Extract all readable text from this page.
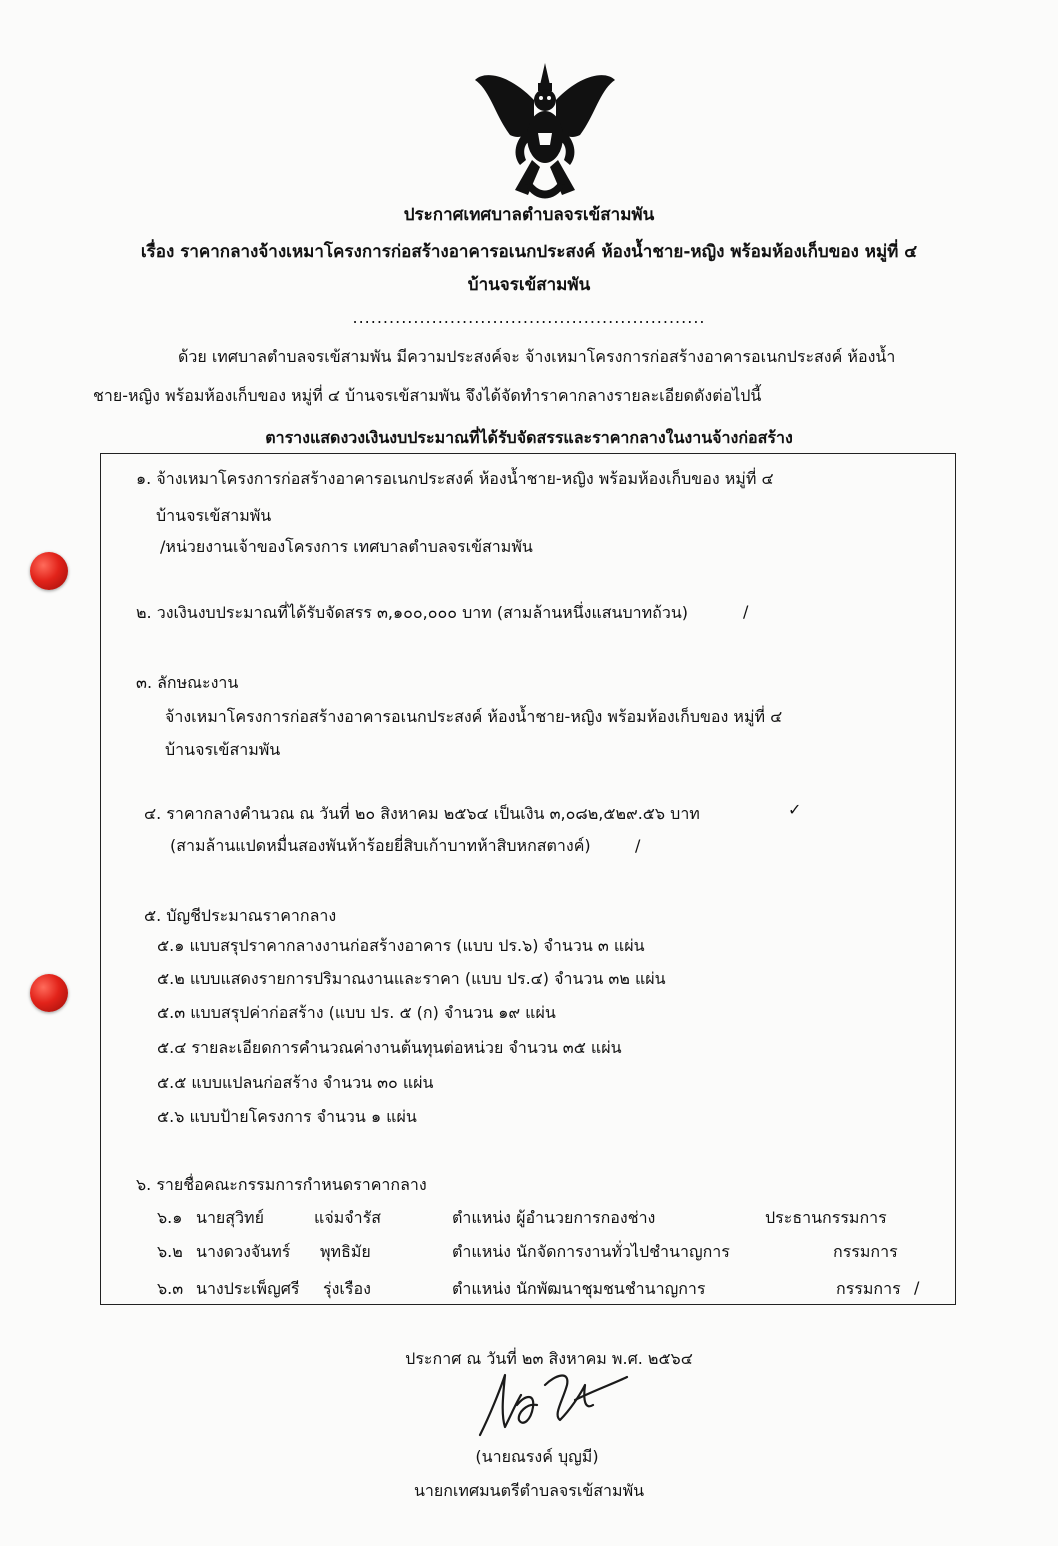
ประกาศเทศบาลตำบลจรเข้สามพัน
เรื่อง ราคากลางจ้างเหมาโครงการก่อสร้างอาคารอเนกประสงค์ ห้องน้ำชาย-หญิง พร้อมห้องเก็บของ หมู่ที่ ๔
บ้านจรเข้สามพัน
..........................................................
ด้วย เทศบาลตำบลจรเข้สามพัน มีความประสงค์จะ จ้างเหมาโครงการก่อสร้างอาคารอเนกประสงค์ ห้องน้ำ
ชาย-หญิง พร้อมห้องเก็บของ หมู่ที่ ๔ บ้านจรเข้สามพัน จึงได้จัดทำราคากลางรายละเอียดดังต่อไปนี้
ตารางแสดงวงเงินงบประมาณที่ได้รับจัดสรรและราคากลางในงานจ้างก่อสร้าง
๑. จ้างเหมาโครงการก่อสร้างอาคารอเนกประสงค์ ห้องน้ำชาย-หญิง พร้อมห้องเก็บของ หมู่ที่ ๔
บ้านจรเข้สามพัน
/หน่วยงานเจ้าของโครงการ เทศบาลตำบลจรเข้สามพัน
๒. วงเงินงบประมาณที่ได้รับจัดสรร ๓,๑๐๐,๐๐๐ บาท (สามล้านหนึ่งแสนบาทถ้วน)	/
๓. ลักษณะงาน
จ้างเหมาโครงการก่อสร้างอาคารอเนกประสงค์ ห้องน้ำชาย-หญิง พร้อมห้องเก็บของ หมู่ที่ ๔
บ้านจรเข้สามพัน
๔. ราคากลางคำนวณ ณ วันที่ ๒๐ สิงหาคม ๒๕๖๔ เป็นเงิน ๓,๐๘๒,๕๒๙.๕๖ บาท	✓
(สามล้านแปดหมื่นสองพันห้าร้อยยี่สิบเก้าบาทห้าสิบหกสตางค์)	/
๕. บัญชีประมาณราคากลาง
๕.๑ แบบสรุปราคากลางงานก่อสร้างอาคาร (แบบ ปร.๖) จำนวน ๓ แผ่น
๕.๒ แบบแสดงรายการปริมาณงานและราคา (แบบ ปร.๔) จำนวน ๓๒ แผ่น
๕.๓ แบบสรุปค่าก่อสร้าง (แบบ ปร. ๕ (ก) จำนวน ๑๙ แผ่น
๕.๔ รายละเอียดการคำนวณค่างานต้นทุนต่อหน่วย จำนวน ๓๕ แผ่น
๕.๕ แบบแปลนก่อสร้าง จำนวน ๓๐ แผ่น
๕.๖ แบบป้ายโครงการ จำนวน ๑ แผ่น
๖. รายชื่อคณะกรรมการกำหนดราคากลาง
๖.๑ นายสุวิทย์	แจ่มจำรัส	ตำแหน่ง ผู้อำนวยการกองช่าง	ประธานกรรมการ
๖.๒ นางดวงจันทร์ พุทธิมัย	ตำแหน่ง นักจัดการงานทั่วไปชำนาญการ	กรรมการ
๖.๓ นางประเพ็ญศรี รุ่งเรือง	ตำแหน่ง นักพัฒนาชุมชนชำนาญการ	กรรมการ /
ประกาศ ณ วันที่ ๒๓ สิงหาคม พ.ศ. ๒๕๖๔
(นายณรงค์ บุญมี)
นายกเทศมนตรีตำบลจรเข้สามพัน
